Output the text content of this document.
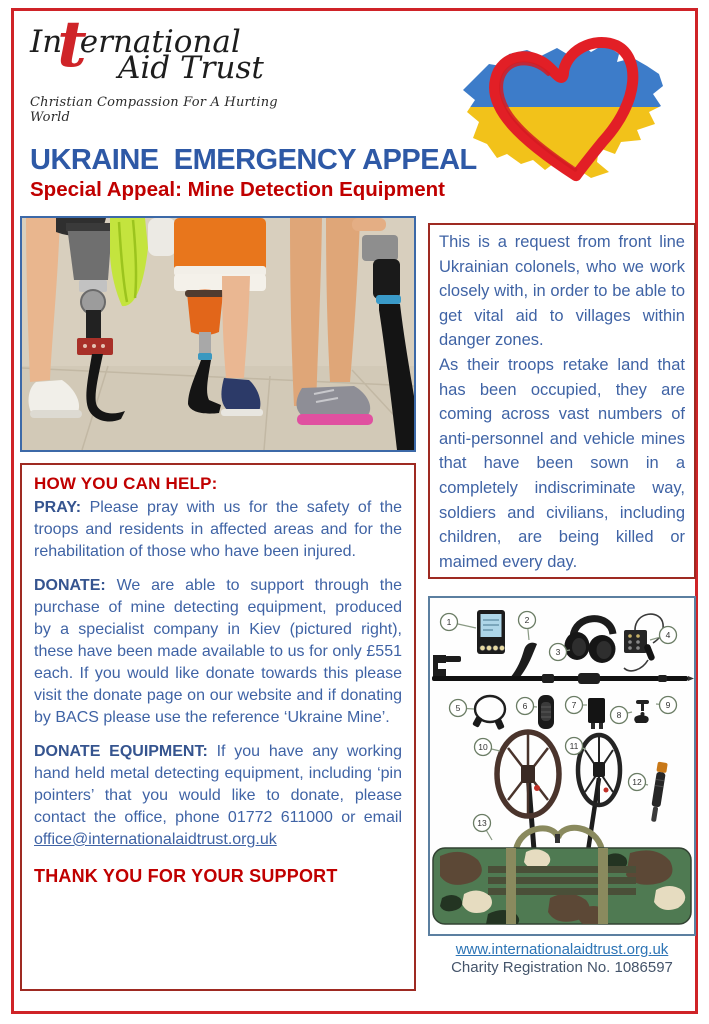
International
Aid Trust
Christian Compassion For A Hurting World
UKRAINE  EMERGENCY APPEAL
Special Appeal: Mine Detection Equipment

This is a request from front line Ukrainian colonels, who we work closely with, in order to be able to get vital aid to villages within danger zones.

As their troops retake land that has been occupied, they are coming across vast numbers of anti-personnel and vehicle mines that have been sown in a completely indiscriminate way, soldiers and civilians, including children, are being killed or maimed every day.

HOW YOU CAN HELP:

PRAY: Please pray with us for the safety of the troops and residents in affected areas and for the rehabilitation of those who have been injured.

DONATE: We are able to support through the purchase of mine detecting equipment, produced by a specialist company in Kiev (pictured right), these have been made available to us for only £551 each. If you would like donate towards this please visit the donate page on our website and if donating by BACS please use the reference ‘Ukraine Mine’.

DONATE EQUIPMENT: If you have any working hand held metal detecting equipment, including ‘pin pointers’ that you would like to donate, please contact the office, phone 01772 611000 or email office@internationalaidtrust.org.uk

THANK YOU FOR YOUR SUPPORT
1	2
3
4
5	6	7
8
9
10	11
12
13
www.internationalaidtrust.org.uk
Charity Registration No. 1086597
